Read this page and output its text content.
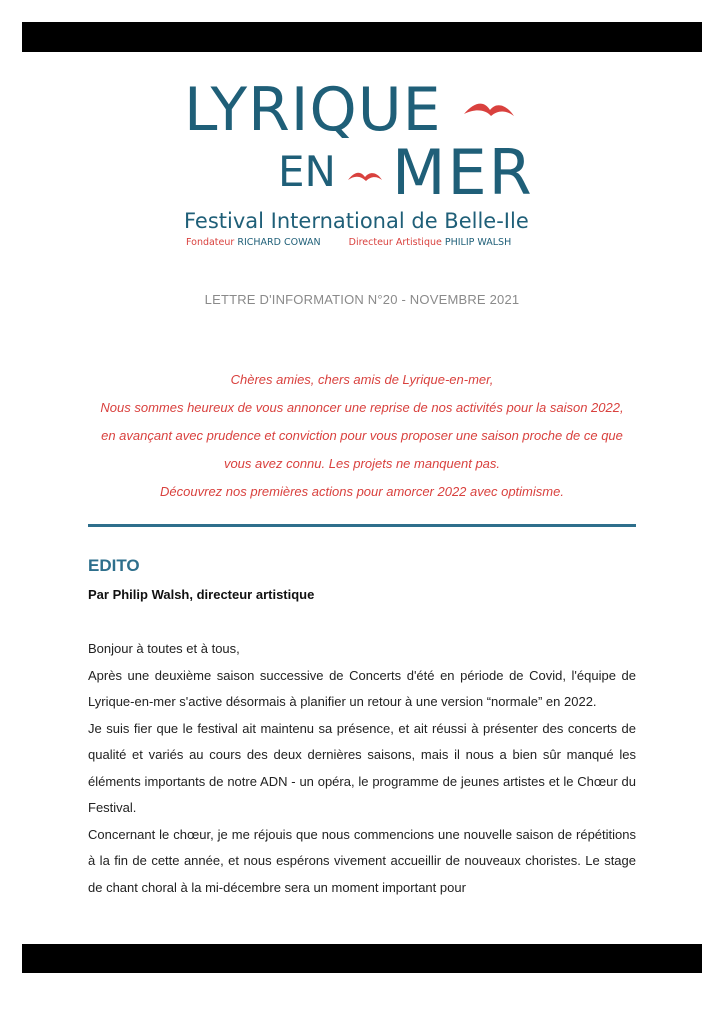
LYRIQUE
EN MER
Festival International de Belle-Ile
Fondateur RICHARD COWAN	Directeur Artistique PHILIP WALSH
LETTRE D'INFORMATION N°20 - NOVEMBRE 2021

Chères amies, chers amis de Lyrique-en-mer,

Nous sommes heureux de vous annoncer une reprise de nos activités pour la saison 2022,

en avançant avec prudence et conviction pour vous proposer une saison proche de ce que

vous avez connu. Les projets ne manquent pas.

Découvrez nos premières actions pour amorcer 2022 avec optimisme.

EDITO

Par Philip Walsh, directeur artistique

Bonjour à toutes et à tous,

Après une deuxième saison successive de Concerts d'été en période de Covid, l'équipe de Lyrique-en-mer s'active désormais à planifier un retour à une version “normale” en 2022.

Je suis fier que le festival ait maintenu sa présence, et ait réussi à présenter des concerts de qualité et variés au cours des deux dernières saisons, mais il nous a bien sûr manqué les éléments importants de notre ADN - un opéra, le programme de jeunes artistes et le Chœur du Festival.

Concernant le chœur, je me réjouis que nous commencions une nouvelle saison de répétitions à la fin de cette année, et nous espérons vivement accueillir de nouveaux choristes. Le stage de chant choral à la mi-décembre sera un moment important pour
